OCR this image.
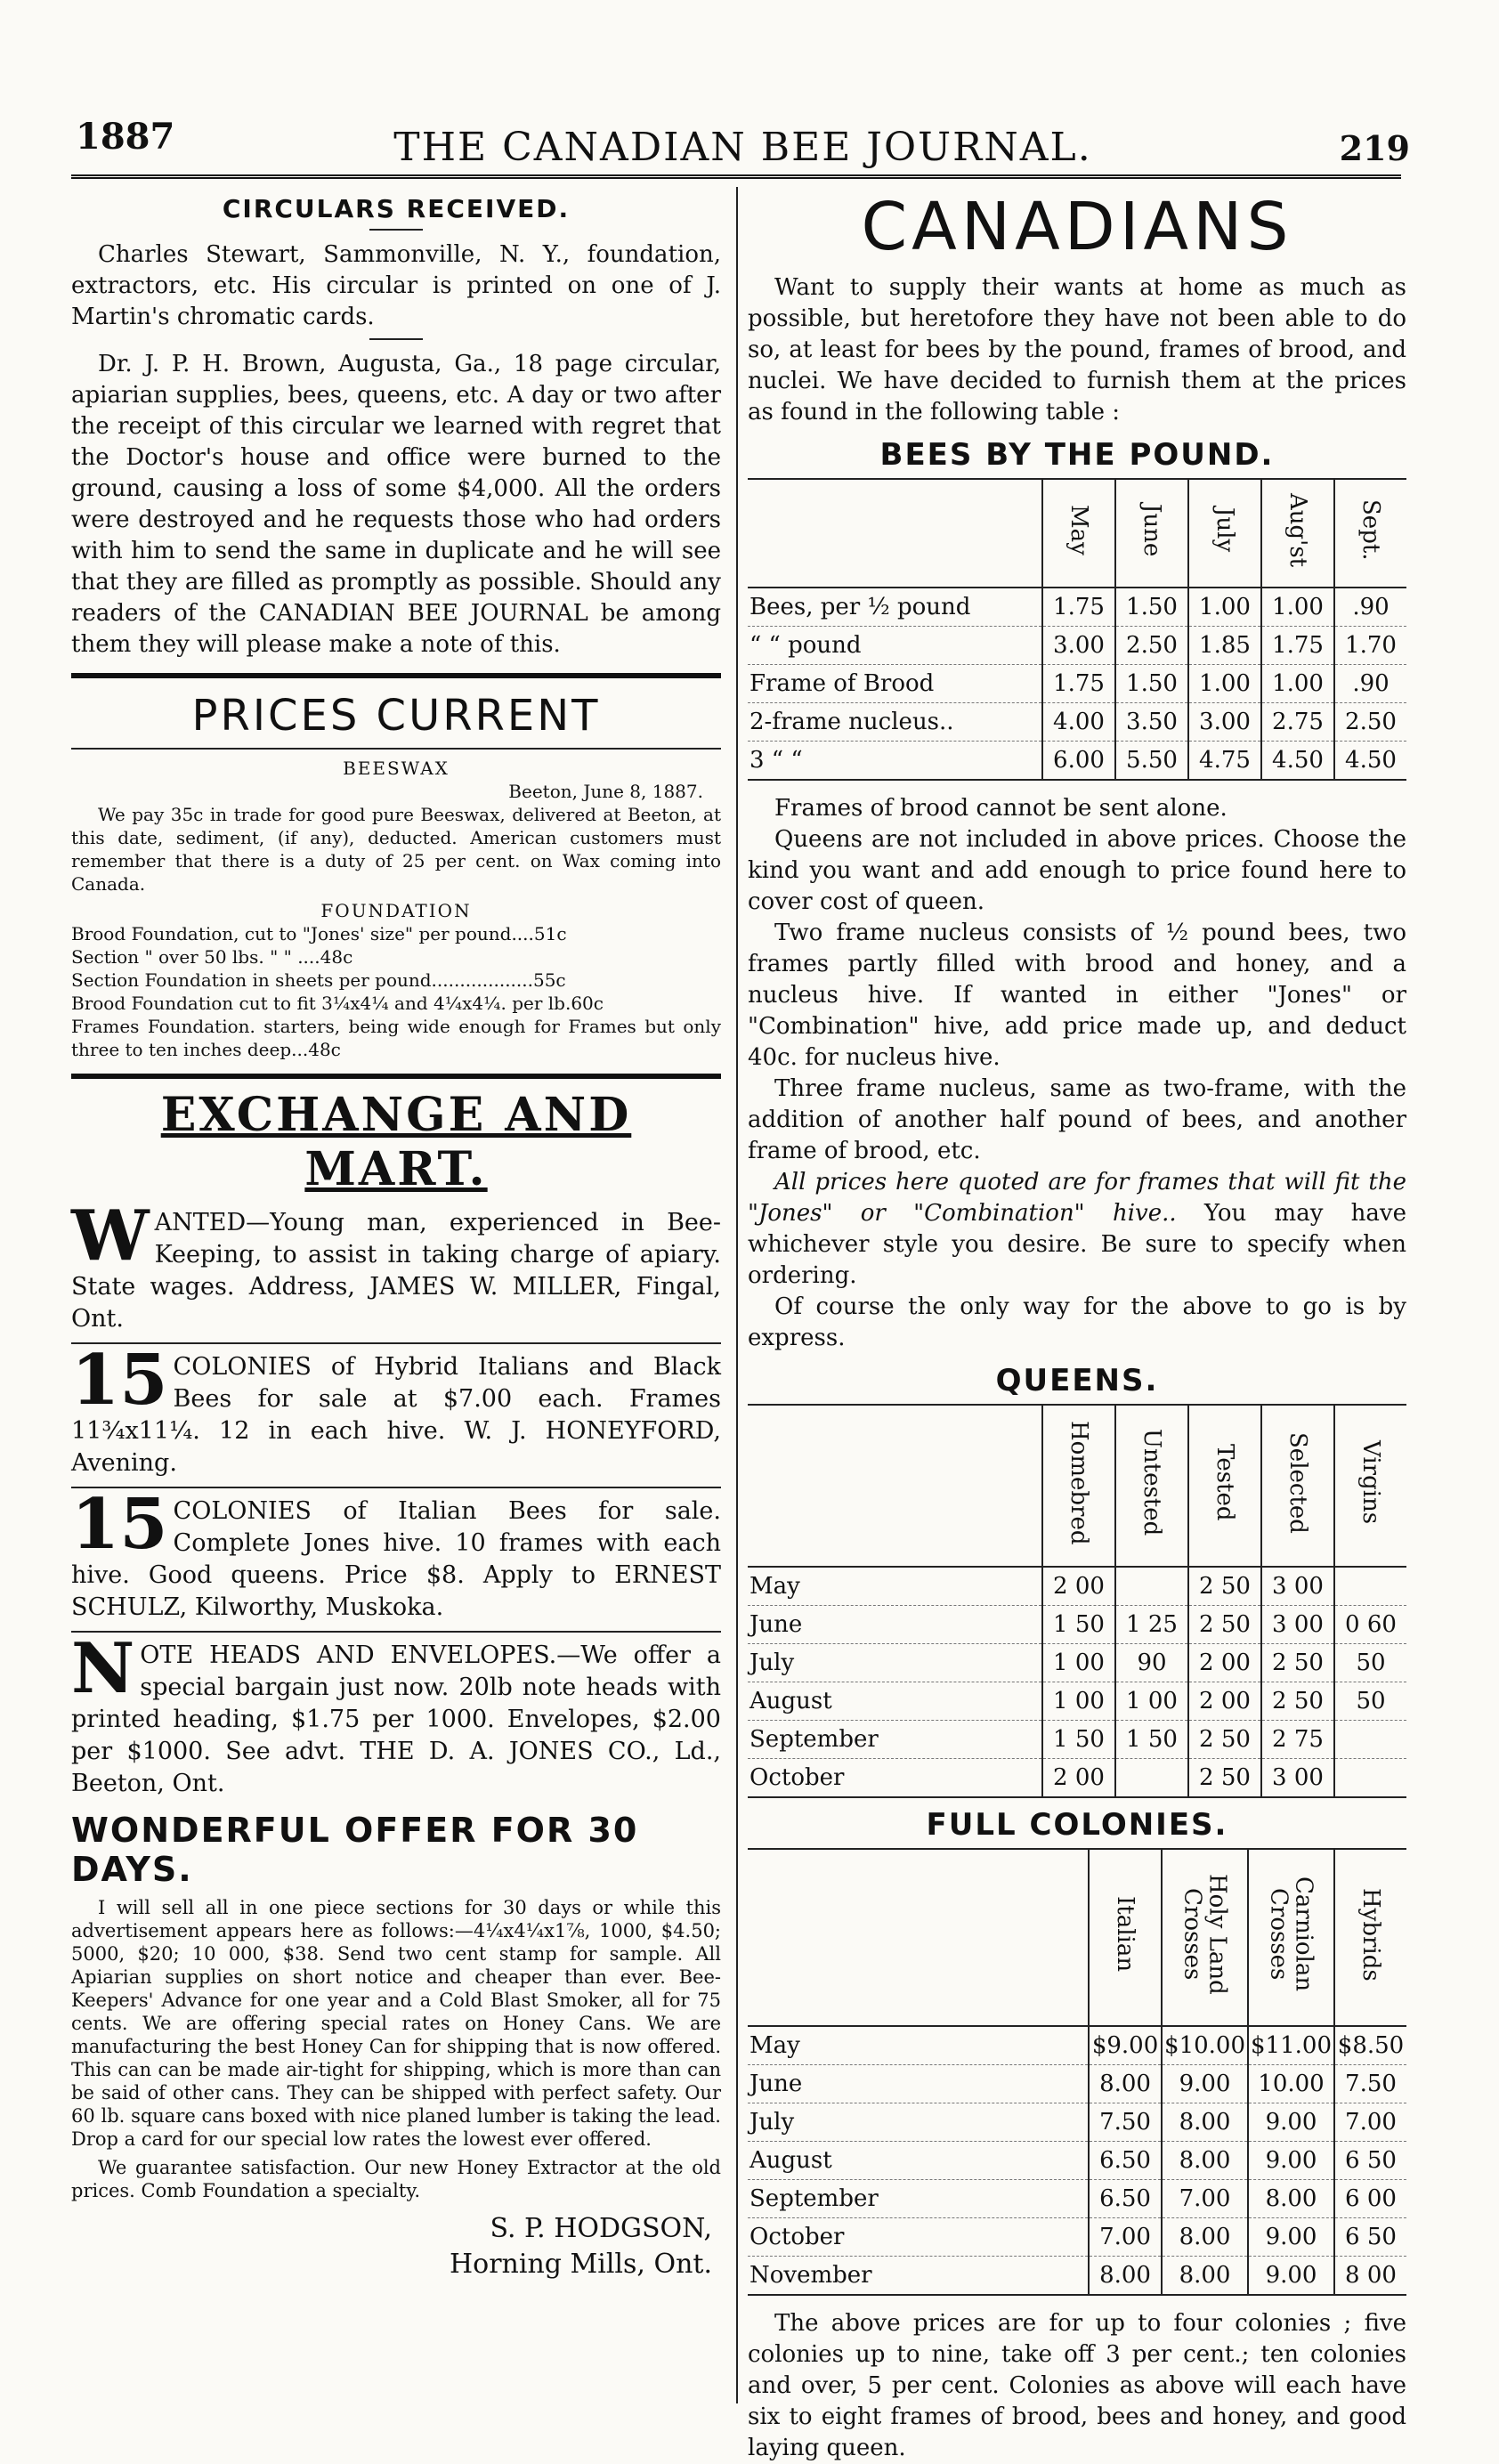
1887	THE CANADIAN BEE JOURNAL.	219
CIRCULARS RECEIVED.

Charles Stewart, Sammonville, N. Y., foundation, extractors, etc. His circular is printed on one of J. Martin's chromatic cards.

Dr. J. P. H. Brown, Augusta, Ga., 18 page circular, apiarian supplies, bees, queens, etc. A day or two after the receipt of this circular we learned with regret that the Doctor's house and office were burned to the ground, causing a loss of some $4,000. All the orders were destroyed and he requests those who had orders with him to send the same in duplicate and he will see that they are filled as promptly as possible. Should any readers of the CANADIAN BEE JOURNAL be among them they will please make a note of this.

PRICES CURRENT
BEESWAX

Beeton, June 8, 1887.

We pay 35c in trade for good pure Beeswax, delivered at Beeton, at this date, sediment, (if any), deducted. American customers must remember that there is a duty of 25 per cent. on Wax coming into Canada.

FOUNDATION

Brood Foundation, cut to "Jones' size" per pound....51c

Section " over 50 lbs. " " ....48c

Section Foundation in sheets per pound..................55c

Brood Foundation cut to fit 3¼x4¼ and 4¼x4¼. per lb.60c

Frames Foundation. starters, being wide enough for Frames but only three to ten inches deep...48c

EXCHANGE AND MART.

WANTED—Young man, experienced in Bee-Keeping, to assist in taking charge of apiary. State wages. Address, JAMES W. MILLER, Fingal, Ont.

15 COLONIES of Hybrid Italians and Black Bees for sale at $7.00 each. Frames 11¾x11¼. 12 in each hive. W. J. HONEYFORD, Avening.

15 COLONIES of Italian Bees for sale. Complete Jones hive. 10 frames with each hive. Good queens. Price $8. Apply to ERNEST SCHULZ, Kilworthy, Muskoka.

NOTE HEADS AND ENVELOPES.—We offer a special bargain just now. 20lb note heads with printed heading, $1.75 per 1000. Envelopes, $2.00 per $1000. See advt. THE D. A. JONES CO., Ld., Beeton, Ont.

WONDERFUL OFFER FOR 30 DAYS.

I will sell all in one piece sections for 30 days or while this advertisement appears here as follows:—4¼x4¼x1⅞, 1000, $4.50; 5000, $20; 10 000, $38. Send two cent stamp for sample. All Apiarian supplies on short notice and cheaper than ever. Bee-Keepers' Advance for one year and a Cold Blast Smoker, all for 75 cents. We are offering special rates on Honey Cans. We are manufacturing the best Honey Can for shipping that is now offered. This can can be made air-tight for shipping, which is more than can be said of other cans. They can be shipped with perfect safety. Our 60 lb. square cans boxed with nice planed lumber is taking the lead. Drop a card for our special low rates the lowest ever offered.

We guarantee satisfaction. Our new Honey Extractor at the old prices. Comb Foundation a specialty.

S. P. HODGSON,
Horning Mills, Ont.
CANADIANS

Want to supply their wants at home as much as possible, but heretofore they have not been able to do so, at least for bees by the pound, frames of brood, and nuclei. We have decided to furnish them at the prices as found in the following table :

BEES BY THE POUND.
	May	June	July	Aug'st	Sept.
Bees, per ½ pound	1.75	1.50	1.00	1.00	.90
“ “ pound	3.00	2.50	1.85	1.75	1.70
Frame of Brood	1.75	1.50	1.00	1.00	.90
2-frame nucleus..	4.00	3.50	3.00	2.75	2.50
3 “ “	6.00	5.50	4.75	4.50	4.50

Frames of brood cannot be sent alone.

Queens are not included in above prices. Choose the kind you want and add enough to price found here to cover cost of queen.

Two frame nucleus consists of ½ pound bees, two frames partly filled with brood and honey, and a nucleus hive. If wanted in either "Jones" or "Combination" hive, add price made up, and deduct 40c. for nucleus hive.

Three frame nucleus, same as two-frame, with the addition of another half pound of bees, and another frame of brood, etc.

All prices here quoted are for frames that will fit the "Jones" or "Combination" hive.. You may have whichever style you desire. Be sure to specify when ordering.

Of course the only way for the above to go is by express.

QUEENS.
	Homebred	Untested	Tested	Selected	Virgins
May	2 00		2 50	3 00	
June	1 50	1 25	2 50	3 00	0 60
July	1 00	90	2 00	2 50	50
August	1 00	1 00	2 00	2 50	50
September	1 50	1 50	2 50	2 75	
October	2 00		2 50	3 00	
FULL COLONIES.
	Italian	Holy Land Crosses	Carniolan Crosses	Hybrids
May	$9.00	$10.00	$11.00	$8.50
June	8.00	9.00	10.00	7.50
July	7.50	8.00	9.00	7.00
August	6.50	8.00	9.00	6 50
September	6.50	7.00	8.00	6 00
October	7.00	8.00	9.00	6 50
November	8.00	8.00	9.00	8 00

The above prices are for up to four colonies ; five colonies up to nine, take off 3 per cent.; ten colonies and over, 5 per cent. Colonies as above will each have six to eight frames of brood, bees and honey, and good laying queen.
